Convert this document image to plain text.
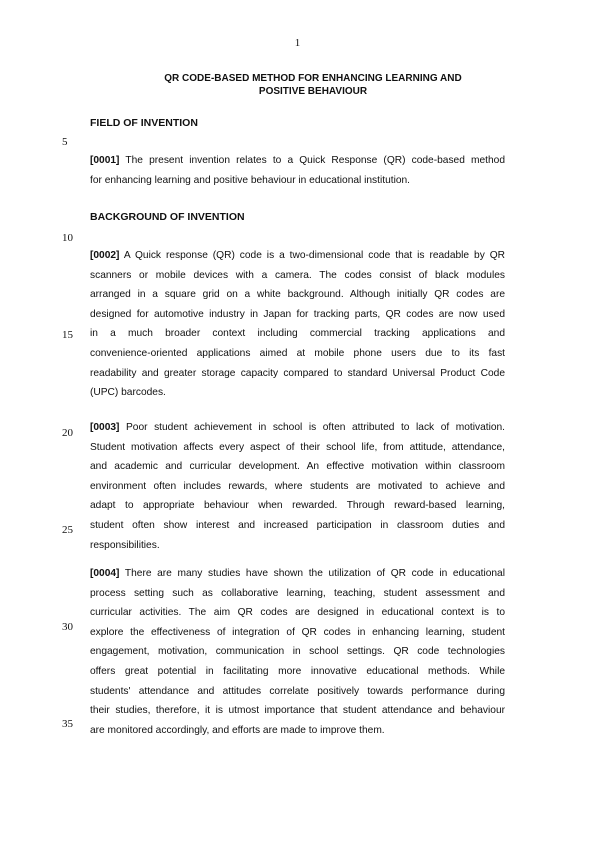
1
QR CODE-BASED METHOD FOR ENHANCING LEARNING AND
POSITIVE BEHAVIOUR
5
10
15
20
25
30
35
FIELD OF INVENTION
[0001] The present invention relates to a Quick Response (QR) code-based method
for enhancing learning and positive behaviour in educational institution.
BACKGROUND OF INVENTION
[0002] A Quick response (QR) code is a two-dimensional code that is readable by QR
scanners or mobile devices with a camera. The codes consist of black modules
arranged in a square grid on a white background. Although initially QR codes are
designed for automotive industry in Japan for tracking parts, QR codes are now used
in a much broader context including commercial tracking applications and
convenience-oriented applications aimed at mobile phone users due to its fast
readability and greater storage capacity compared to standard Universal Product Code
(UPC) barcodes.
[0003] Poor student achievement in school is often attributed to lack of motivation.
Student motivation affects every aspect of their school life, from attitude, attendance,
and academic and curricular development. An effective motivation within classroom
environment often includes rewards, where students are motivated to achieve and
adapt to appropriate behaviour when rewarded. Through reward-based learning,
student often show interest and increased participation in classroom duties and
responsibilities.
[0004] There are many studies have shown the utilization of QR code in educational
process setting such as collaborative learning, teaching, student assessment and
curricular activities. The aim QR codes are designed in educational context is to
explore the effectiveness of integration of QR codes in enhancing learning, student
engagement, motivation, communication in school settings. QR code technologies
offers great potential in facilitating more innovative educational methods. While
students' attendance and attitudes correlate positively towards performance during
their studies, therefore, it is utmost importance that student attendance and behaviour
are monitored accordingly, and efforts are made to improve them.
